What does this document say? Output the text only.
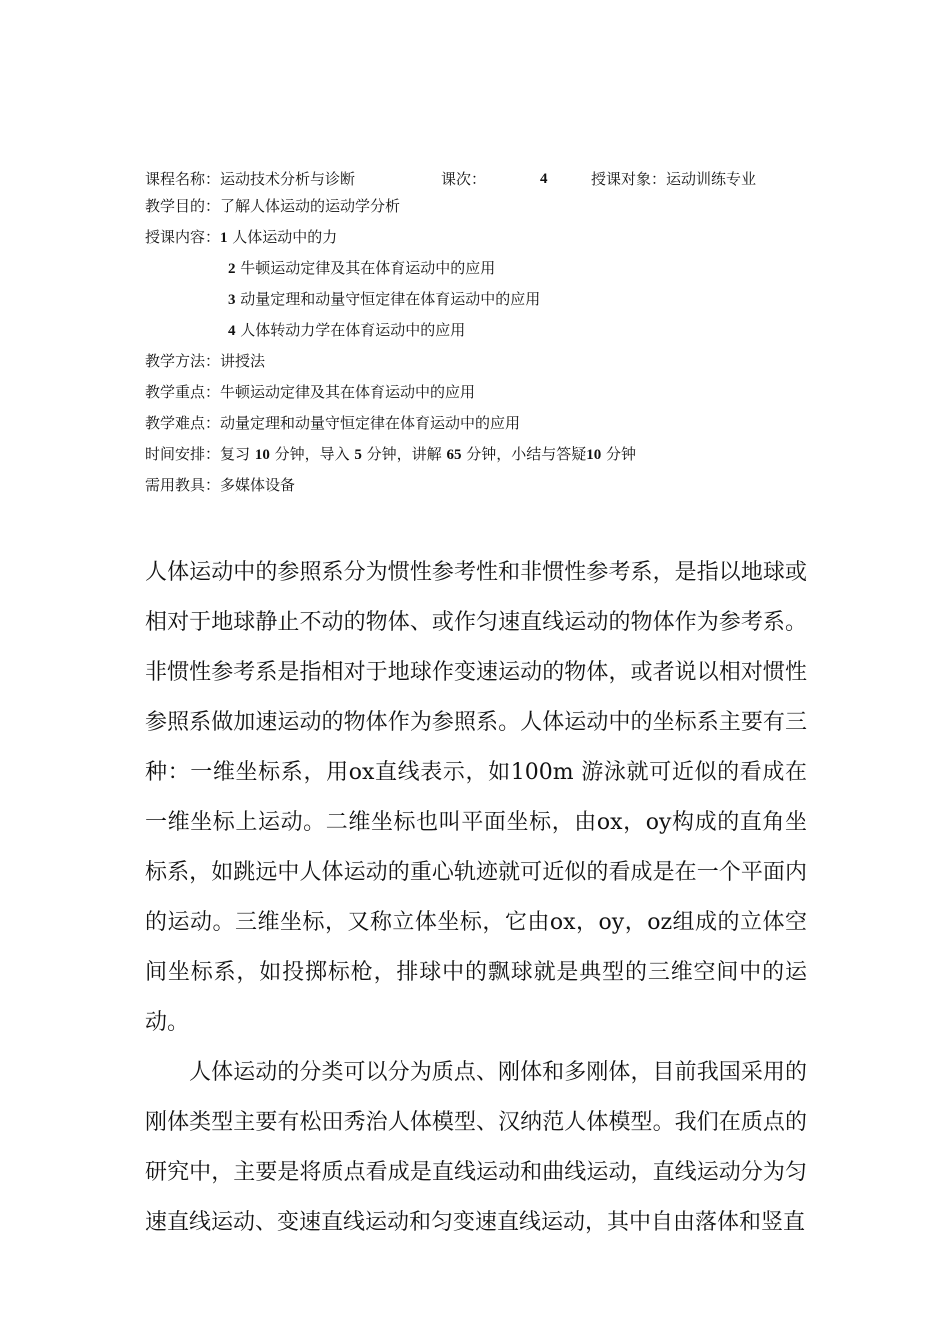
课程名称：运动技术分析与诊断	课次：	4	授课对象：运动训练专业
教学目的：了解人体运动的运动学分析
授课内容：1 人体运动中的力
2 牛顿运动定律及其在体育运动中的应用
3 动量定理和动量守恒定律在体育运动中的应用
4 人体转动力学在体育运动中的应用
教学方法：讲授法
教学重点：牛顿运动定律及其在体育运动中的应用
教学难点：动量定理和动量守恒定律在体育运动中的应用
时间安排：复习 10 分钟，导入 5 分钟，讲解 65 分钟，小结与答疑10 分钟
需用教具：多媒体设备

人体运动中的参照系分为惯性参考性和非惯性参考系，是指以地球或相对于地球静止不动的物体、或作匀速直线运动的物体作为参考系。非惯性参考系是指相对于地球作变速运动的物体，或者说以相对惯性参照系做加速运动的物体作为参照系。人体运动中的坐标系主要有三种：一维坐标系，用ox直线表示，如100m 游泳就可近似的看成在一维坐标上运动。二维坐标也叫平面坐标，由ox，oy构成的直角坐标系，如跳远中人体运动的重心轨迹就可近似的看成是在一个平面内的运动。三维坐标，又称立体坐标，它由ox，oy，oz组成的立体空间坐标系，如投掷标枪，排球中的飘球就是典型的三维空间中的运动。

人体运动的分类可以分为质点、刚体和多刚体，目前我国采用的刚体类型主要有松田秀治人体模型、汉纳范人体模型。我们在质点的研究中，主要是将质点看成是直线运动和曲线运动，直线运动分为匀速直线运动、变速直线运动和匀变速直线运动，其中自由落体和竖直
